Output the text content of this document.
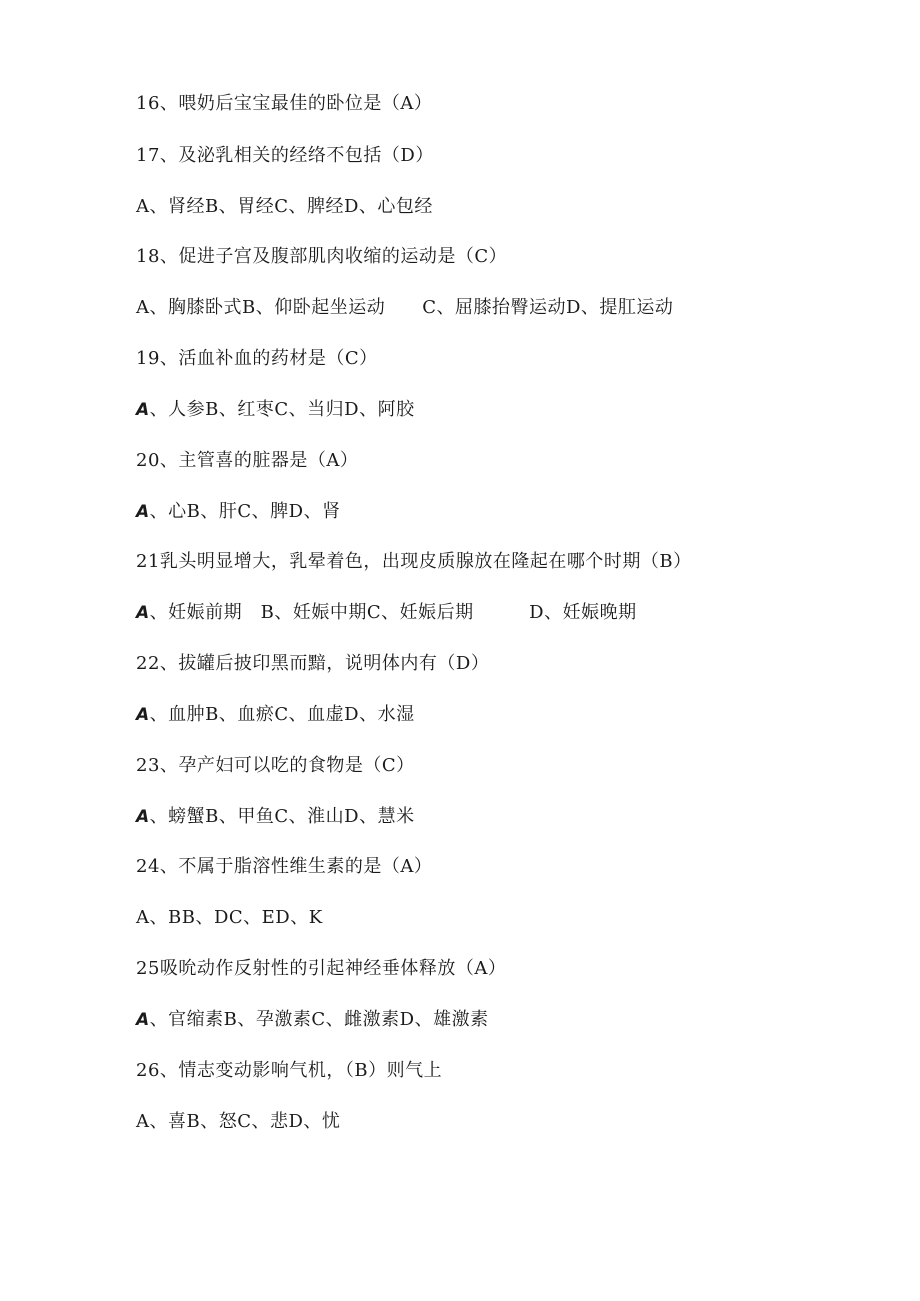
16、喂奶后宝宝最佳的卧位是（A）
17、及泌乳相关的经络不包括（D）
A、肾经B、胃经C、脾经D、心包经
18、促进子宫及腹部肌肉收缩的运动是（C）
A、胸膝卧式B、仰卧起坐运动　　C、屈膝抬臀运动D、提肛运动
19、活血补血的药材是（C）
A、人参B、红枣C、当归D、阿胶
20、主管喜的脏器是（A）
A、心B、肝C、脾D、肾
21乳头明显增大，乳晕着色，出现皮质腺放在隆起在哪个时期（B）
A、妊娠前期　B、妊娠中期C、妊娠后期　　　D、妊娠晚期
22、拔罐后披印黑而黯，说明体内有（D）
A、血肿B、血瘀C、血虚D、水湿
23、孕产妇可以吃的食物是（C）
A、螃蟹B、甲鱼C、淮山D、慧米
24、不属于脂溶性维生素的是（A）
A、BB、DC、ED、K
25吸吮动作反射性的引起神经垂体释放（A）
A、官缩素B、孕激素C、雌激素D、雄激素
26、情志变动影响气机，（B）则气上
A、喜B、怒C、悲D、忧
